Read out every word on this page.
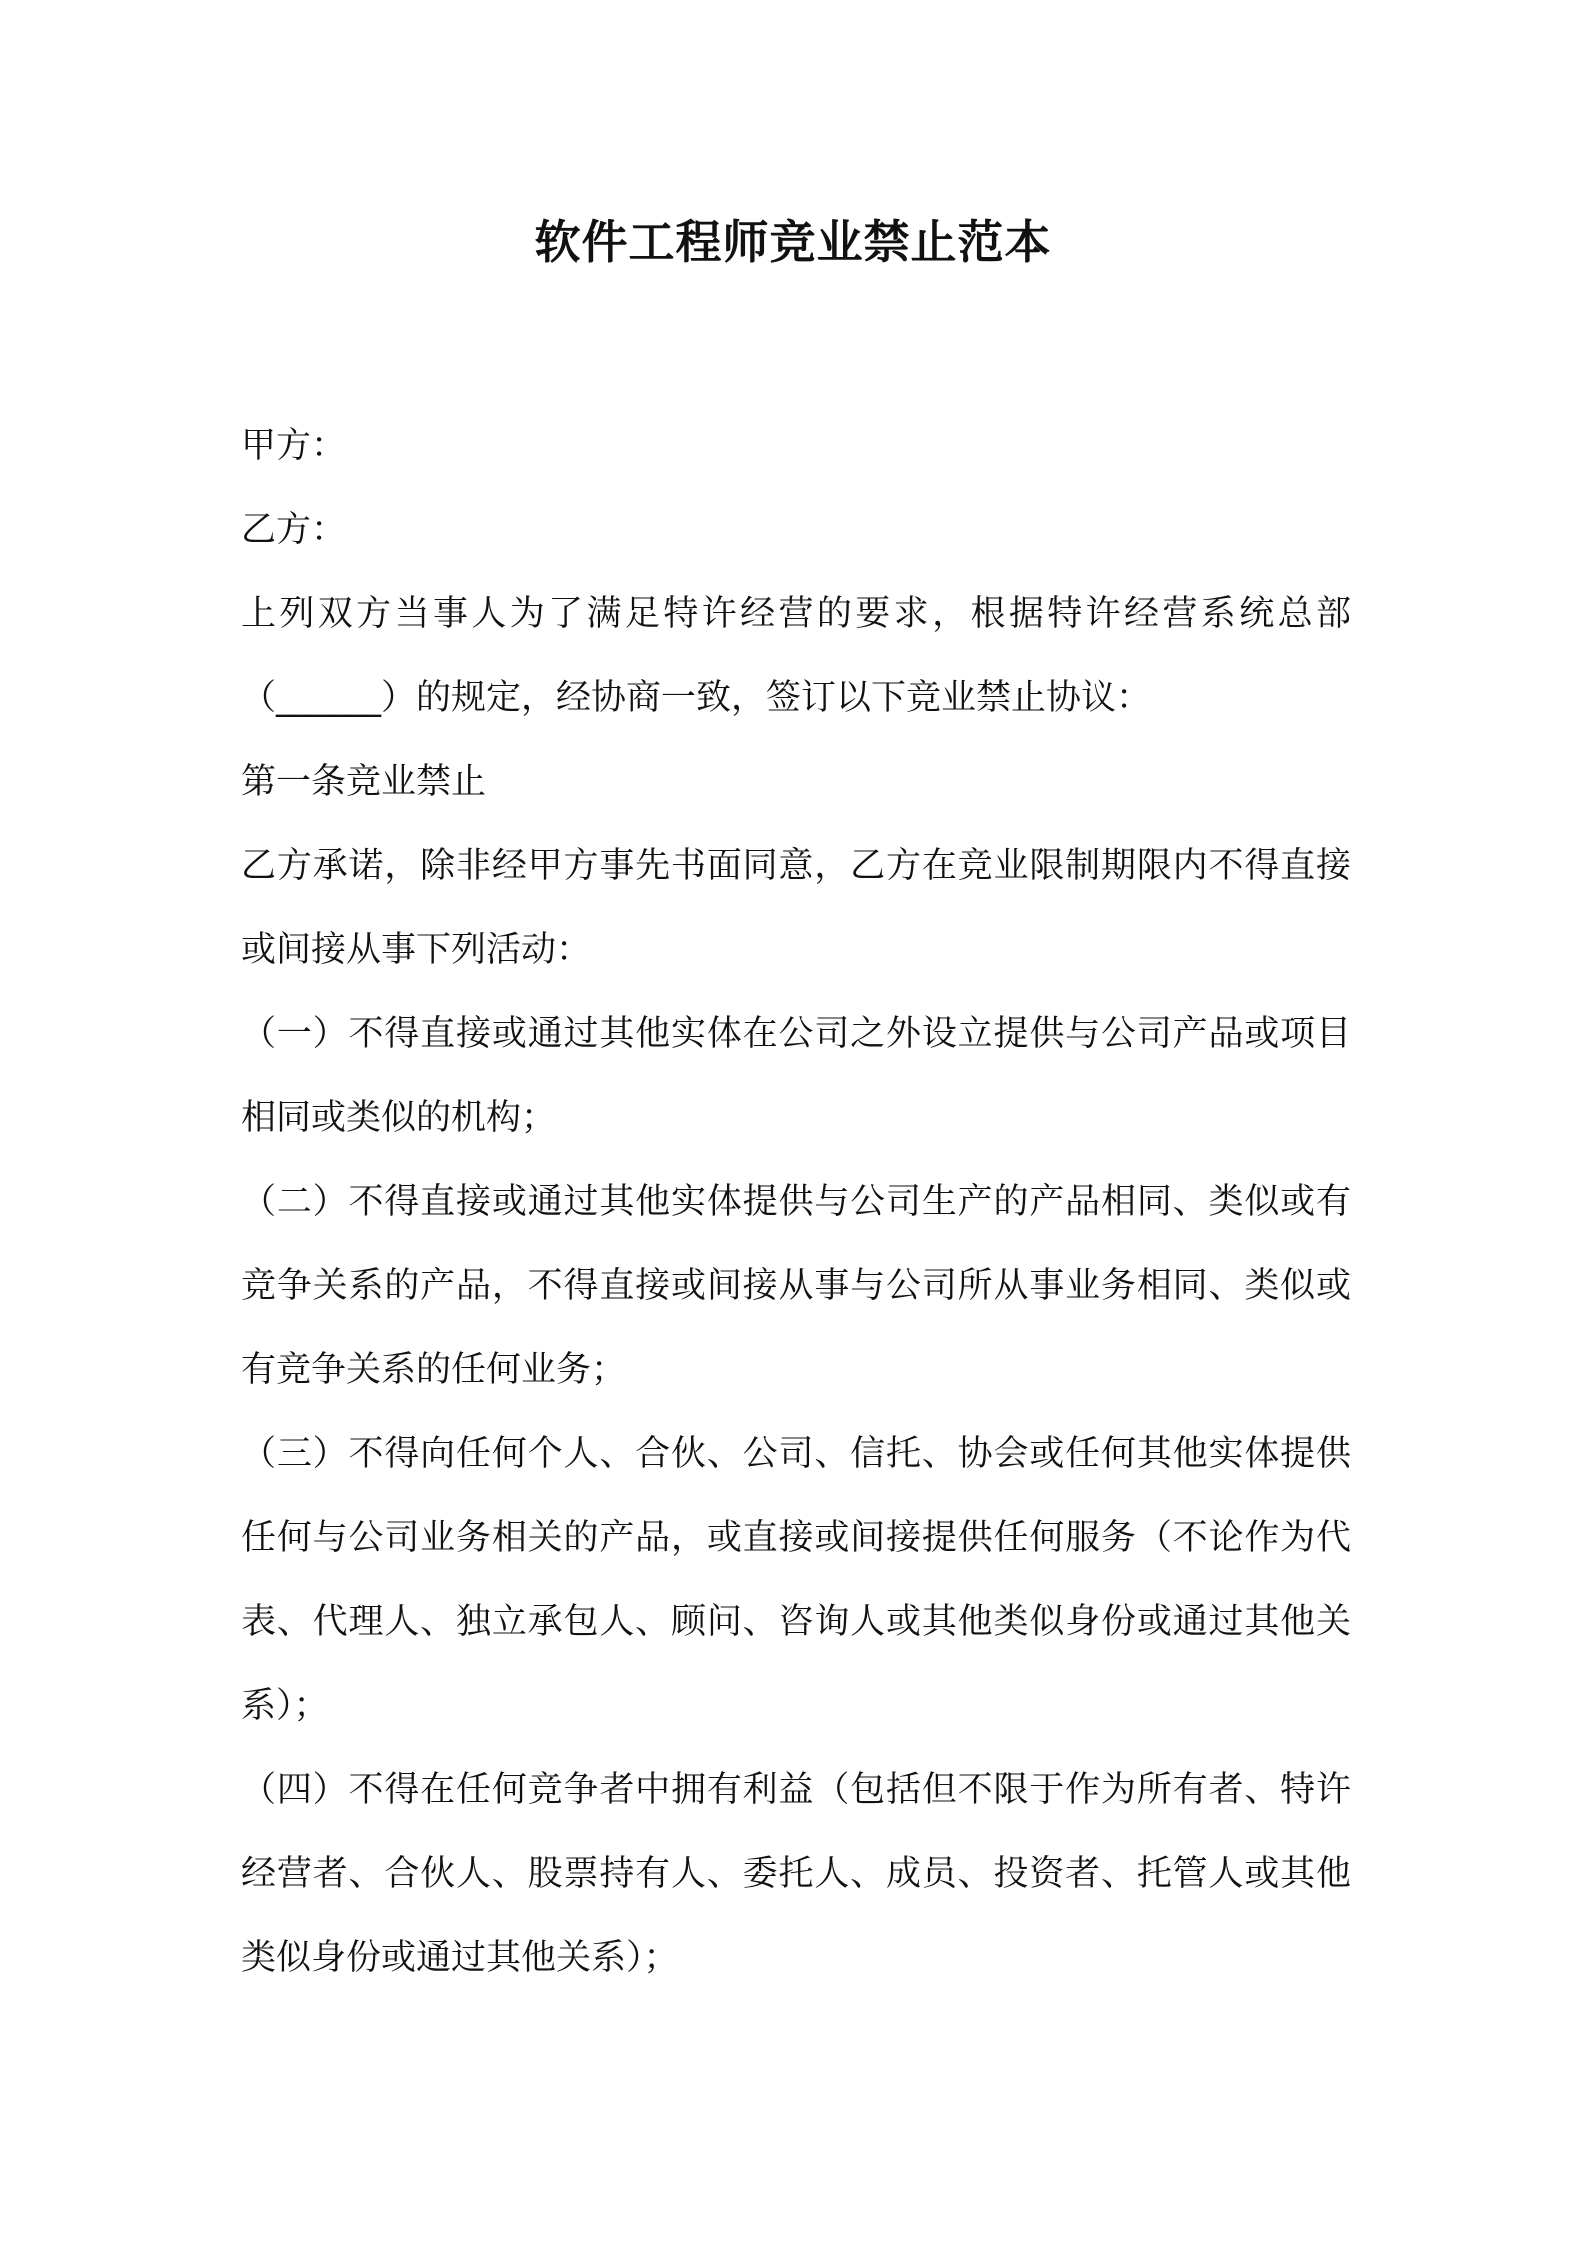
软件工程师竞业禁止范本

甲方：

乙方：

上列双方当事人为了满足特许经营的要求，根据特许经营系统总部（______）的规定，经协商一致，签订以下竞业禁止协议：

第一条竞业禁止

乙方承诺，除非经甲方事先书面同意，乙方在竞业限制期限内不得直接或间接从事下列活动：

（一）不得直接或通过其他实体在公司之外设立提供与公司产品或项目相同或类似的机构；

（二）不得直接或通过其他实体提供与公司生产的产品相同、类似或有竞争关系的产品，不得直接或间接从事与公司所从事业务相同、类似或有竞争关系的任何业务；

（三）不得向任何个人、合伙、公司、信托、协会或任何其他实体提供任何与公司业务相关的产品，或直接或间接提供任何服务（不论作为代表、代理人、独立承包人、顾问、咨询人或其他类似身份或通过其他关系）；

（四）不得在任何竞争者中拥有利益（包括但不限于作为所有者、特许经营者、合伙人、股票持有人、委托人、成员、投资者、托管人或其他类似身份或通过其他关系）；
